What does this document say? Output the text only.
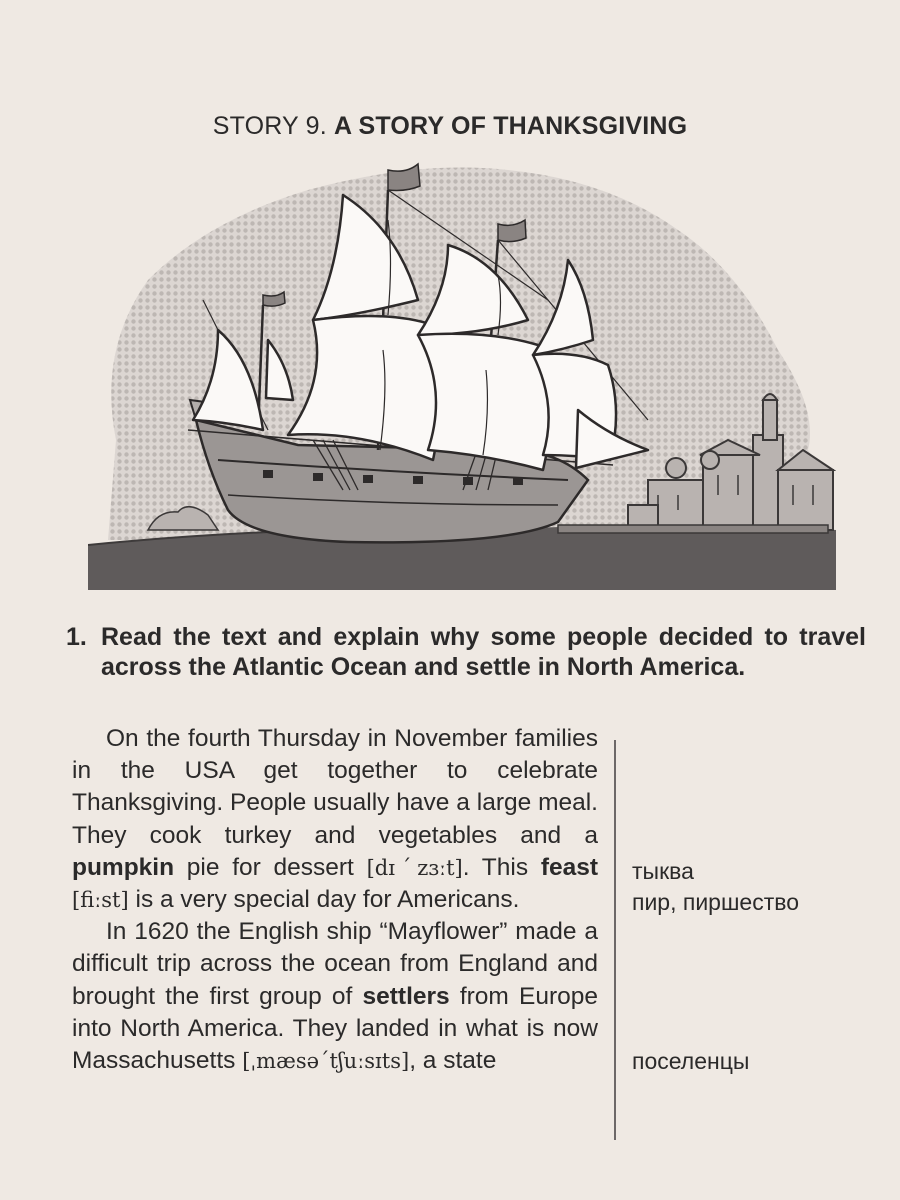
STORY 9. A STORY OF THANKSGIVING
1. Read the text and explain why some people decided to travel across the Atlantic Ocean and settle in North America.

On the fourth Thursday in November families in the USA get together to celebrate Thanksgiving. People usually have a large meal. They cook turkey and vegetables and a pumpkin pie for dessert [dɪˊzɜːt]. This feast [fiːst] is a very special day for Americans.

In 1620 the English ship “Mayflower” made a difficult trip across the ocean from England and brought the first group of settlers from Europe into North America. They landed in what is now Massachusetts [ˌmæsəˊtʃuːsɪts], a state

тыква
пир, пиршество
поселенцы
